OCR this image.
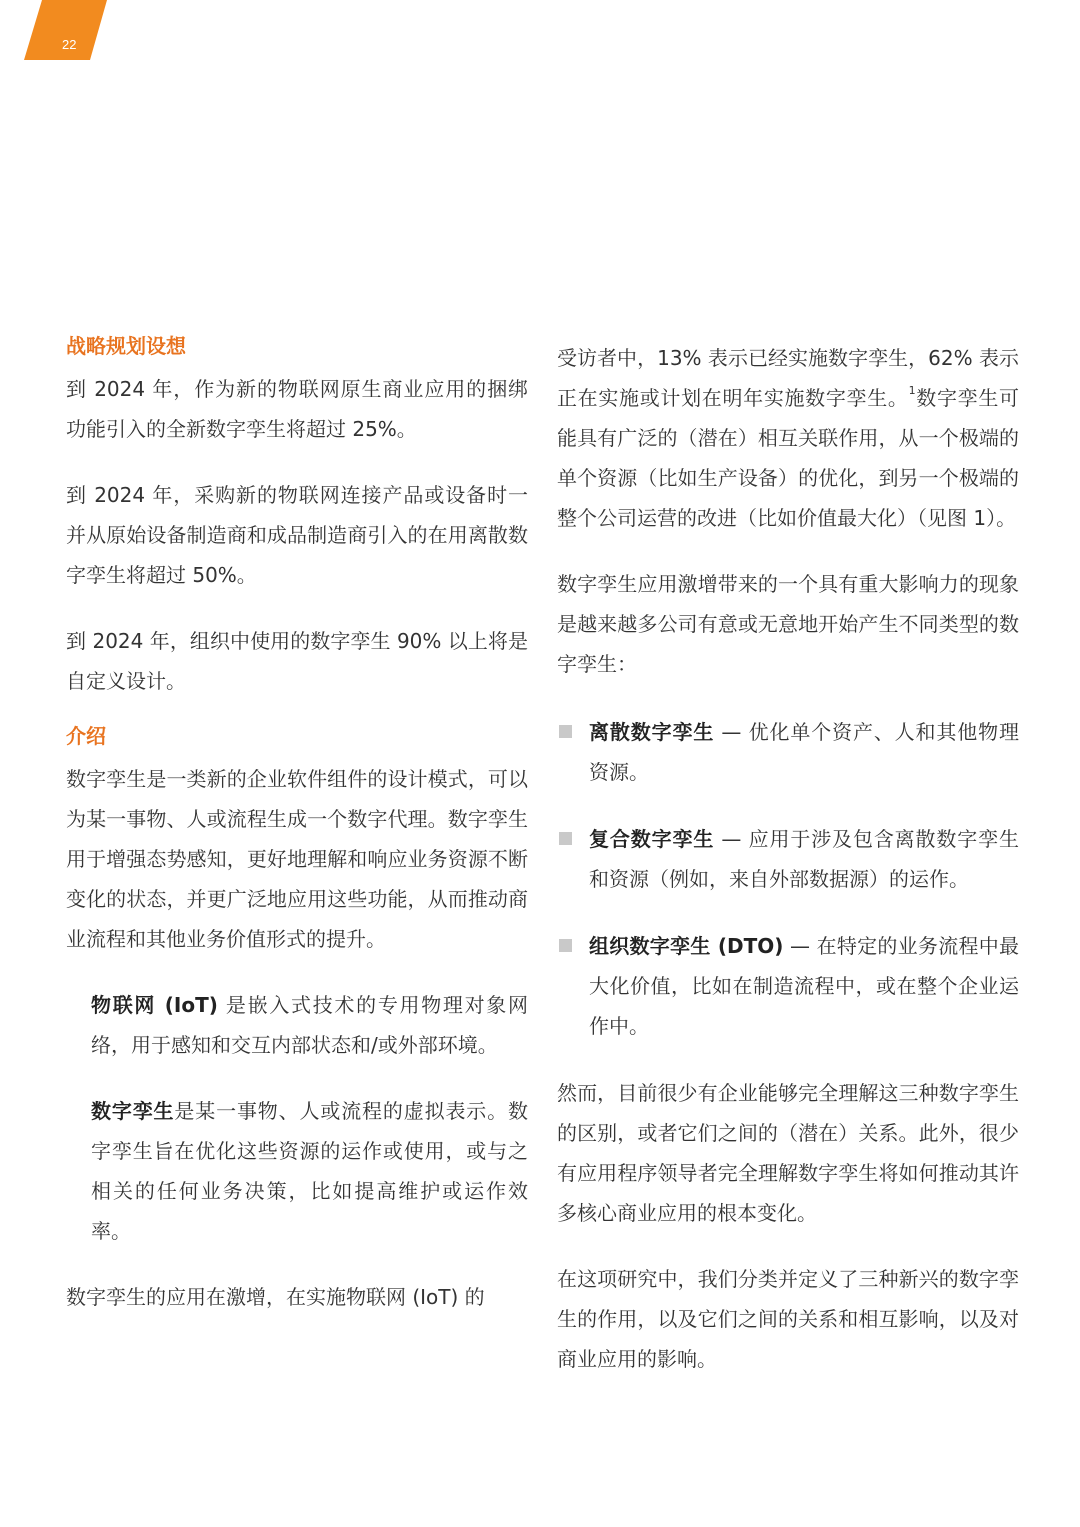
22
战略规划设想

到 2024 年，作为新的物联网原生商业应用的捆绑功能引入的全新数字孪生将超过 25%。

到 2024 年，采购新的物联网连接产品或设备时一并从原始设备制造商和成品制造商引入的在用离散数字孪生将超过 50%。

到 2024 年，组织中使用的数字孪生 90% 以上将是自定义设计。

介绍

数字孪生是一类新的企业软件组件的设计模式，可以为某一事物、人或流程生成一个数字代理。数字孪生用于增强态势感知，更好地理解和响应业务资源不断变化的状态，并更广泛地应用这些功能，从而推动商业流程和其他业务价值形式的提升。

物联网 (IoT) 是嵌入式技术的专用物理对象网络，用于感知和交互内部状态和/或外部环境。

数字孪生是某一事物、人或流程的虚拟表示。数字孪生旨在优化这些资源的运作或使用，或与之相关的任何业务决策，比如提高维护或运作效率。

数字孪生的应用在激增，在实施物联网 (IoT) 的

受访者中，13% 表示已经实施数字孪生，62% 表示正在实施或计划在明年实施数字孪生。$^1$数字孪生可能具有广泛的（潜在）相互关联作用，从一个极端的单个资源（比如生产设备）的优化，到另一个极端的整个公司运营的改进（比如价值最大化）（见图 1）。

数字孪生应用激增带来的一个具有重大影响力的现象是越来越多公司有意或无意地开始产生不同类型的数字孪生：

离散数字孪生 — 优化单个资产、人和其他物理资源。
复合数字孪生 — 应用于涉及包含离散数字孪生和资源（例如，来自外部数据源）的运作。
组织数字孪生 (DTO) — 在特定的业务流程中最大化价值，比如在制造流程中，或在整个企业运作中。

然而，目前很少有企业能够完全理解这三种数字孪生的区别，或者它们之间的（潜在）关系。此外，很少有应用程序领导者完全理解数字孪生将如何推动其许多核心商业应用的根本变化。

在这项研究中，我们分类并定义了三种新兴的数字孪生的作用，以及它们之间的关系和相互影响，以及对商业应用的影响。
